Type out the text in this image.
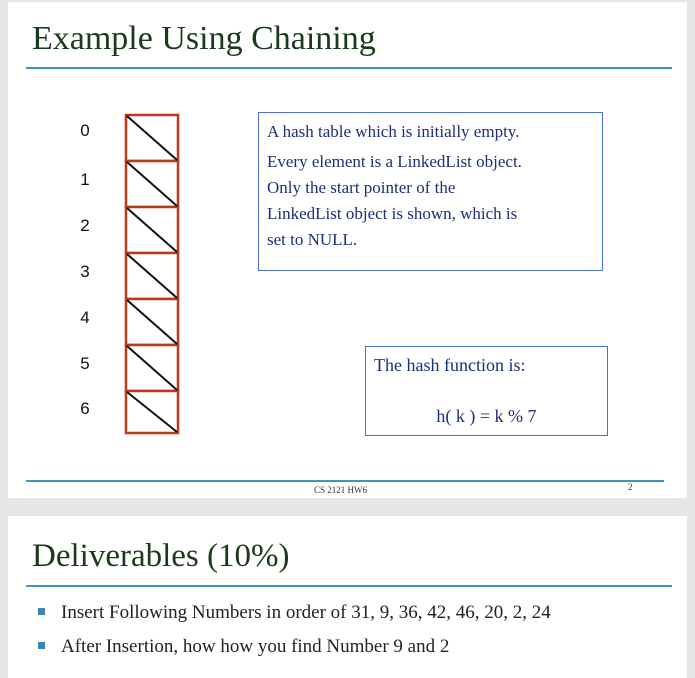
Example Using Chaining
0
1
2
3
4
5
6

A hash table which is initially empty.

Every element is a LinkedList object.

Only the start pointer of the

LinkedList object is shown, which is

set to NULL.

The hash function is:
h( k ) = k % 7
CS 2121 HW6	2
Deliverables (10%)
Insert Following Numbers in order of 31, 9, 36, 42, 46, 20, 2, 24
After Insertion, how how you find Number 9 and 2
